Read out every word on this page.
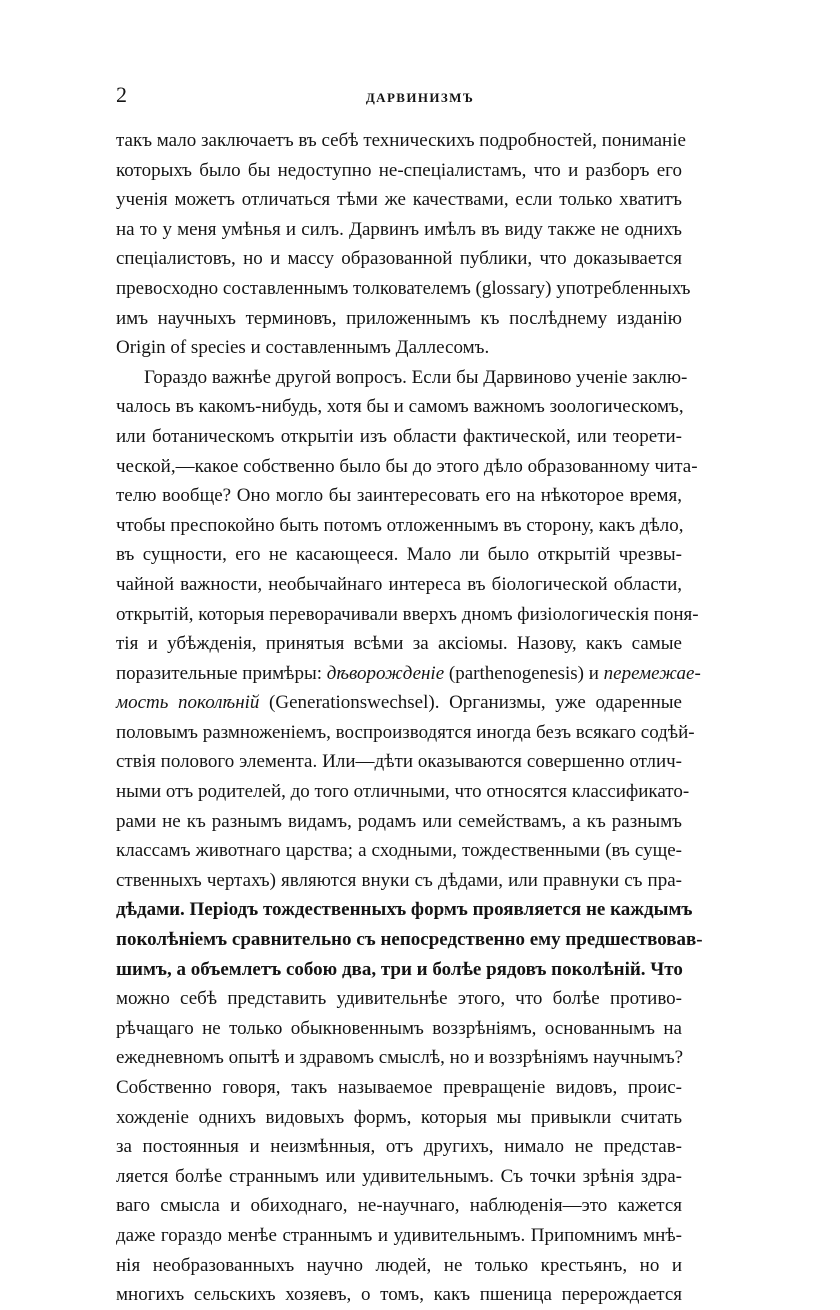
2	ДАРВИНИЗМЪ
такъ мало заключаетъ въ себѣ техническихъ подробностей, пониманіе
которыхъ было бы недоступно не-спеціалистамъ, что и разборъ его
ученія можетъ отличаться тѣми же качествами, если только хватитъ
на то у меня умѣнья и силъ. Дарвинъ имѣлъ въ виду также не однихъ
спеціалистовъ, но и массу образованной публики, что доказывается
превосходно составленнымъ толкователемъ (glossary) употребленныхъ
имъ научныхъ терминовъ, приложеннымъ къ послѣднему изданію
Origin of species и составленнымъ Даллесомъ.
Гораздо важнѣе другой вопросъ. Если бы Дарвиново ученіе заклю-
чалось въ какомъ-нибудь, хотя бы и самомъ важномъ зоологическомъ,
или ботаническомъ открытіи изъ области фактической, или теорети-
ческой,—какое собственно было бы до этого дѣло образованному чита-
телю вообще? Оно могло бы заинтересовать его на нѣкоторое время,
чтобы преспокойно быть потомъ отложеннымъ въ сторону, какъ дѣло,
въ сущности, его не касающееся. Мало ли было открытій чрезвы-
чайной важности, необычайнаго интереса въ біологической области,
открытій, которыя переворачивали вверхъ дномъ физіологическія поня-
тія и убѣжденія, принятыя всѣми за аксіомы. Назову, какъ самые
поразительные примѣры: дѣворожденіе (parthenogenesis) и перемежае-
мость поколѣній (Generationswechsel). Организмы, уже одаренные
половымъ размноженіемъ, воспроизводятся иногда безъ всякаго содѣй-
ствія полового элемента. Или—дѣти оказываются совершенно отлич-
ными отъ родителей, до того отличными, что относятся классификато-
рами не къ разнымъ видамъ, родамъ или семействамъ, а къ разнымъ
классамъ животнаго царства; а сходными, тождественными (въ суще-
ственныхъ чертахъ) являются внуки съ дѣдами, или правнуки съ пра-
дѣдами. Періодъ тождественныхъ формъ проявляется не каждымъ
поколѣніемъ сравнительно съ непосредственно ему предшествовав-
шимъ, а объемлетъ собою два, три и болѣе рядовъ поколѣній. Что
можно себѣ представить удивительнѣе этого, что болѣе противо-
рѣчащаго не только обыкновеннымъ воззрѣніямъ, основаннымъ на
ежедневномъ опытѣ и здравомъ смыслѣ, но и воззрѣніямъ научнымъ?
Собственно говоря, такъ называемое превращеніе видовъ, проис-
хожденіе однихъ видовыхъ формъ, которыя мы привыкли считать
за постоянныя и неизмѣнныя, отъ другихъ, нимало не представ-
ляется болѣе страннымъ или удивительнымъ. Съ точки зрѣнія здра-
ваго смысла и обиходнаго, не-научнаго, наблюденія—это кажется
даже гораздо менѣе страннымъ и удивительнымъ. Припомнимъ мнѣ-
нія необразованныхъ научно людей, не только крестьянъ, но и
многихъ сельскихъ хозяевъ, о томъ, какъ пшеница перерождается
